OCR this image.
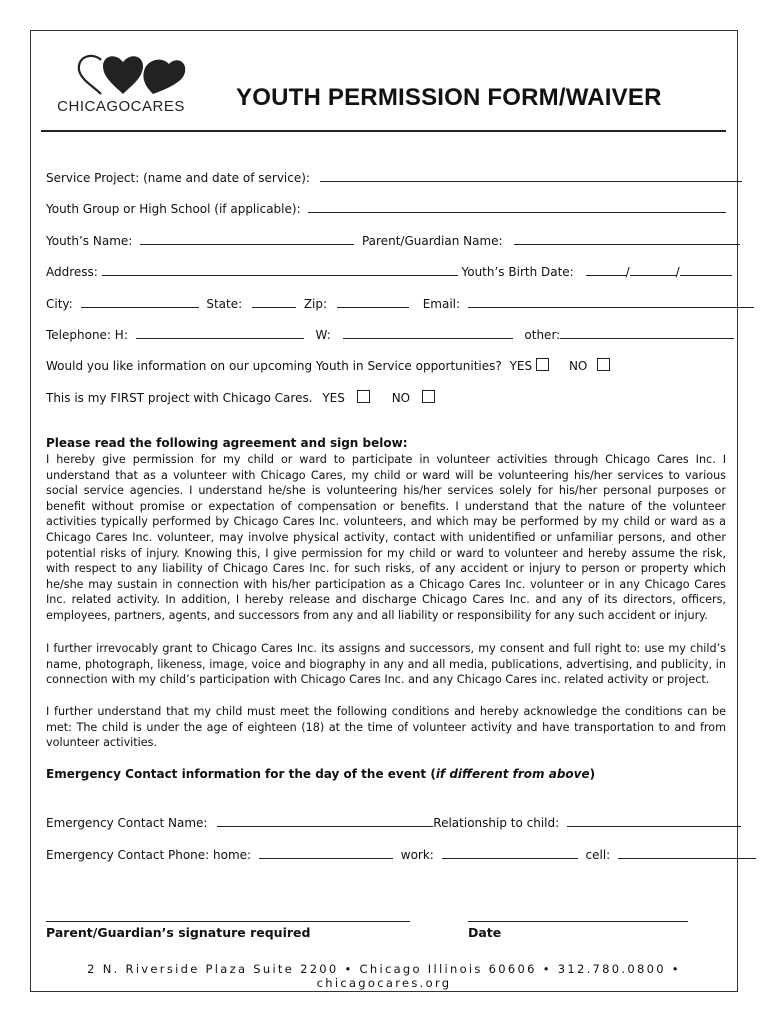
CHICAGOCARES	YOUTH PERMISSION FORM/WAIVER
Service Project: (name and date of service):
Youth Group or High School (if applicable):
Youth’s Name:	Parent/Guardian Name:
Address:	Youth’s Birth Date:	/	/
City:	State:	Zip:	Email:
Telephone: H:	W:	other:
Would you like information on our upcoming Youth in Service opportunities? YES	NO
This is my FIRST project with Chicago Cares. YES	NO
Please read the following agreement and sign below:
I hereby give permission for my child or ward to participate in volunteer activities through Chicago Cares Inc. I understand that as a volunteer with Chicago Cares, my child or ward will be volunteering his/her services to various social service agencies. I understand he/she is volunteering his/her services solely for his/her personal purposes or benefit without promise or expectation of compensation or benefits. I understand that the nature of the volunteer activities typically performed by Chicago Cares Inc. volunteers, and which may be performed by my child or ward as a Chicago Cares Inc. volunteer, may involve physical activity, contact with unidentified or unfamiliar persons, and other potential risks of injury. Knowing this, I give permission for my child or ward to volunteer and hereby assume the risk, with respect to any liability of Chicago Cares Inc. for such risks, of any accident or injury to person or property which he/she may sustain in connection with his/her participation as a Chicago Cares Inc. volunteer or in any Chicago Cares Inc. related activity. In addition, I hereby release and discharge Chicago Cares Inc. and any of its directors, officers, employees, partners, agents, and successors from any and all liability or responsibility for any such accident or injury.
I further irrevocably grant to Chicago Cares Inc. its assigns and successors, my consent and full right to: use my child’s name, photograph, likeness, image, voice and biography in any and all media, publications, advertising, and publicity, in connection with my child’s participation with Chicago Cares Inc. and any Chicago Cares inc. related activity or project.
I further understand that my child must meet the following conditions and hereby acknowledge the conditions can be met: The child is under the age of eighteen (18) at the time of volunteer activity and have transportation to and from volunteer activities.
Emergency Contact information for the day of the event (if different from above)
Emergency Contact Name:	Relationship to child:
Emergency Contact Phone: home:	work:	cell:
Parent/Guardian’s signature required	Date
2 N. Riverside Plaza Suite 2200 • Chicago Illinois 60606 • 312.780.0800 • chicagocares.org
